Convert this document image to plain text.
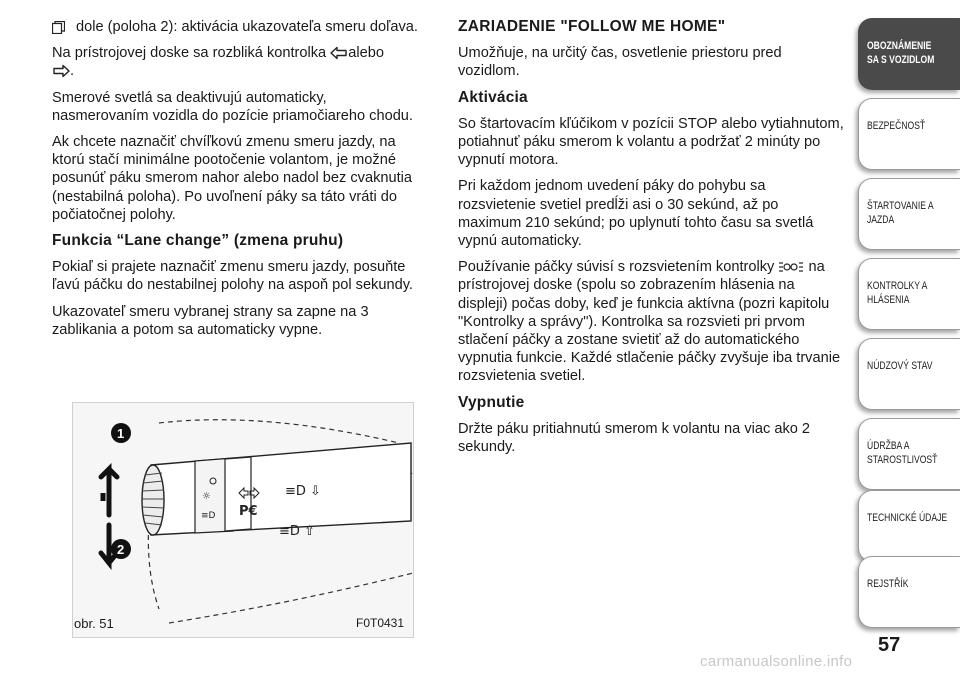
dole (poloha 2): aktivácia ukazovateľa smeru doľava.

Na prístrojovej doske sa rozbliká kontrolka alebo
.

Smerové svetlá sa deaktivujú automaticky, nasmerovaním vozidla do pozície priamočiareho chodu.

Ak chcete naznačiť chvíľkovú zmenu smeru jazdy, na ktorú stačí minimálne pootočenie volantom, je možné posunúť páku smerom nahor alebo nadol bez cvaknutia (nestabilná poloha). Po uvoľnení páky sa táto vráti do počiatočnej polohy.

Funkcia “Lane change” (zmena pruhu)

Pokiaľ si prajete naznačiť zmenu smeru jazdy, posuňte ľavú páčku do nestabilnej polohy na aspoň pol sekundy.

Ukazovateľ smeru vybranej strany sa zapne na 3 zablikania a potom sa automaticky vypne.

☼
≡D P€
≡D ⇩
≡D ⇧
1
2
obr. 51	F0T0431
ZARIADENIE "FOLLOW ME HOME"

Umožňuje, na určitý čas, osvetlenie priestoru pred vozidlom.

Aktivácia

So štartovacím kľúčikom v pozícii STOP alebo vytiahnutom, potiahnuť páku smerom k volantu a podržať 2 minúty po vypnutí motora.

Pri každom jednom uvedení páky do pohybu sa rozsvietenie svetiel predĺži asi o 30 sekúnd, až po maximum 210 sekúnd; po uplynutí tohto času sa svetlá vypnú automaticky.

Používanie páčky súvisí s rozsvietením kontrolky na prístrojovej doske (spolu so zobrazením hlásenia na displeji) počas doby, keď je funkcia aktívna (pozri kapitolu "Kontrolky a správy"). Kontrolka sa rozsvieti pri prvom stlačení páčky a zostane svietiť až do automatického vypnutia funkcie. Každé stlačenie páčky zvyšuje iba trvanie rozsvietenia svetiel.

Vypnutie

Držte páku pritiahnutú smerom k volantu na viac ako 2 sekundy.

OBOZNÁMENIE
SA S VOZIDLOM
BEZPEČNOSŤ

ŠTARTOVANIE A
JAZDA
KONTROLKY A
HLÁSENIA
NÚDZOVÝ STAV

ÚDRŽBA A
STAROSTLIVOSŤ
TECHNICKÉ ÚDAJE

REJSTŘÍK

57
carmanualsonline.info
